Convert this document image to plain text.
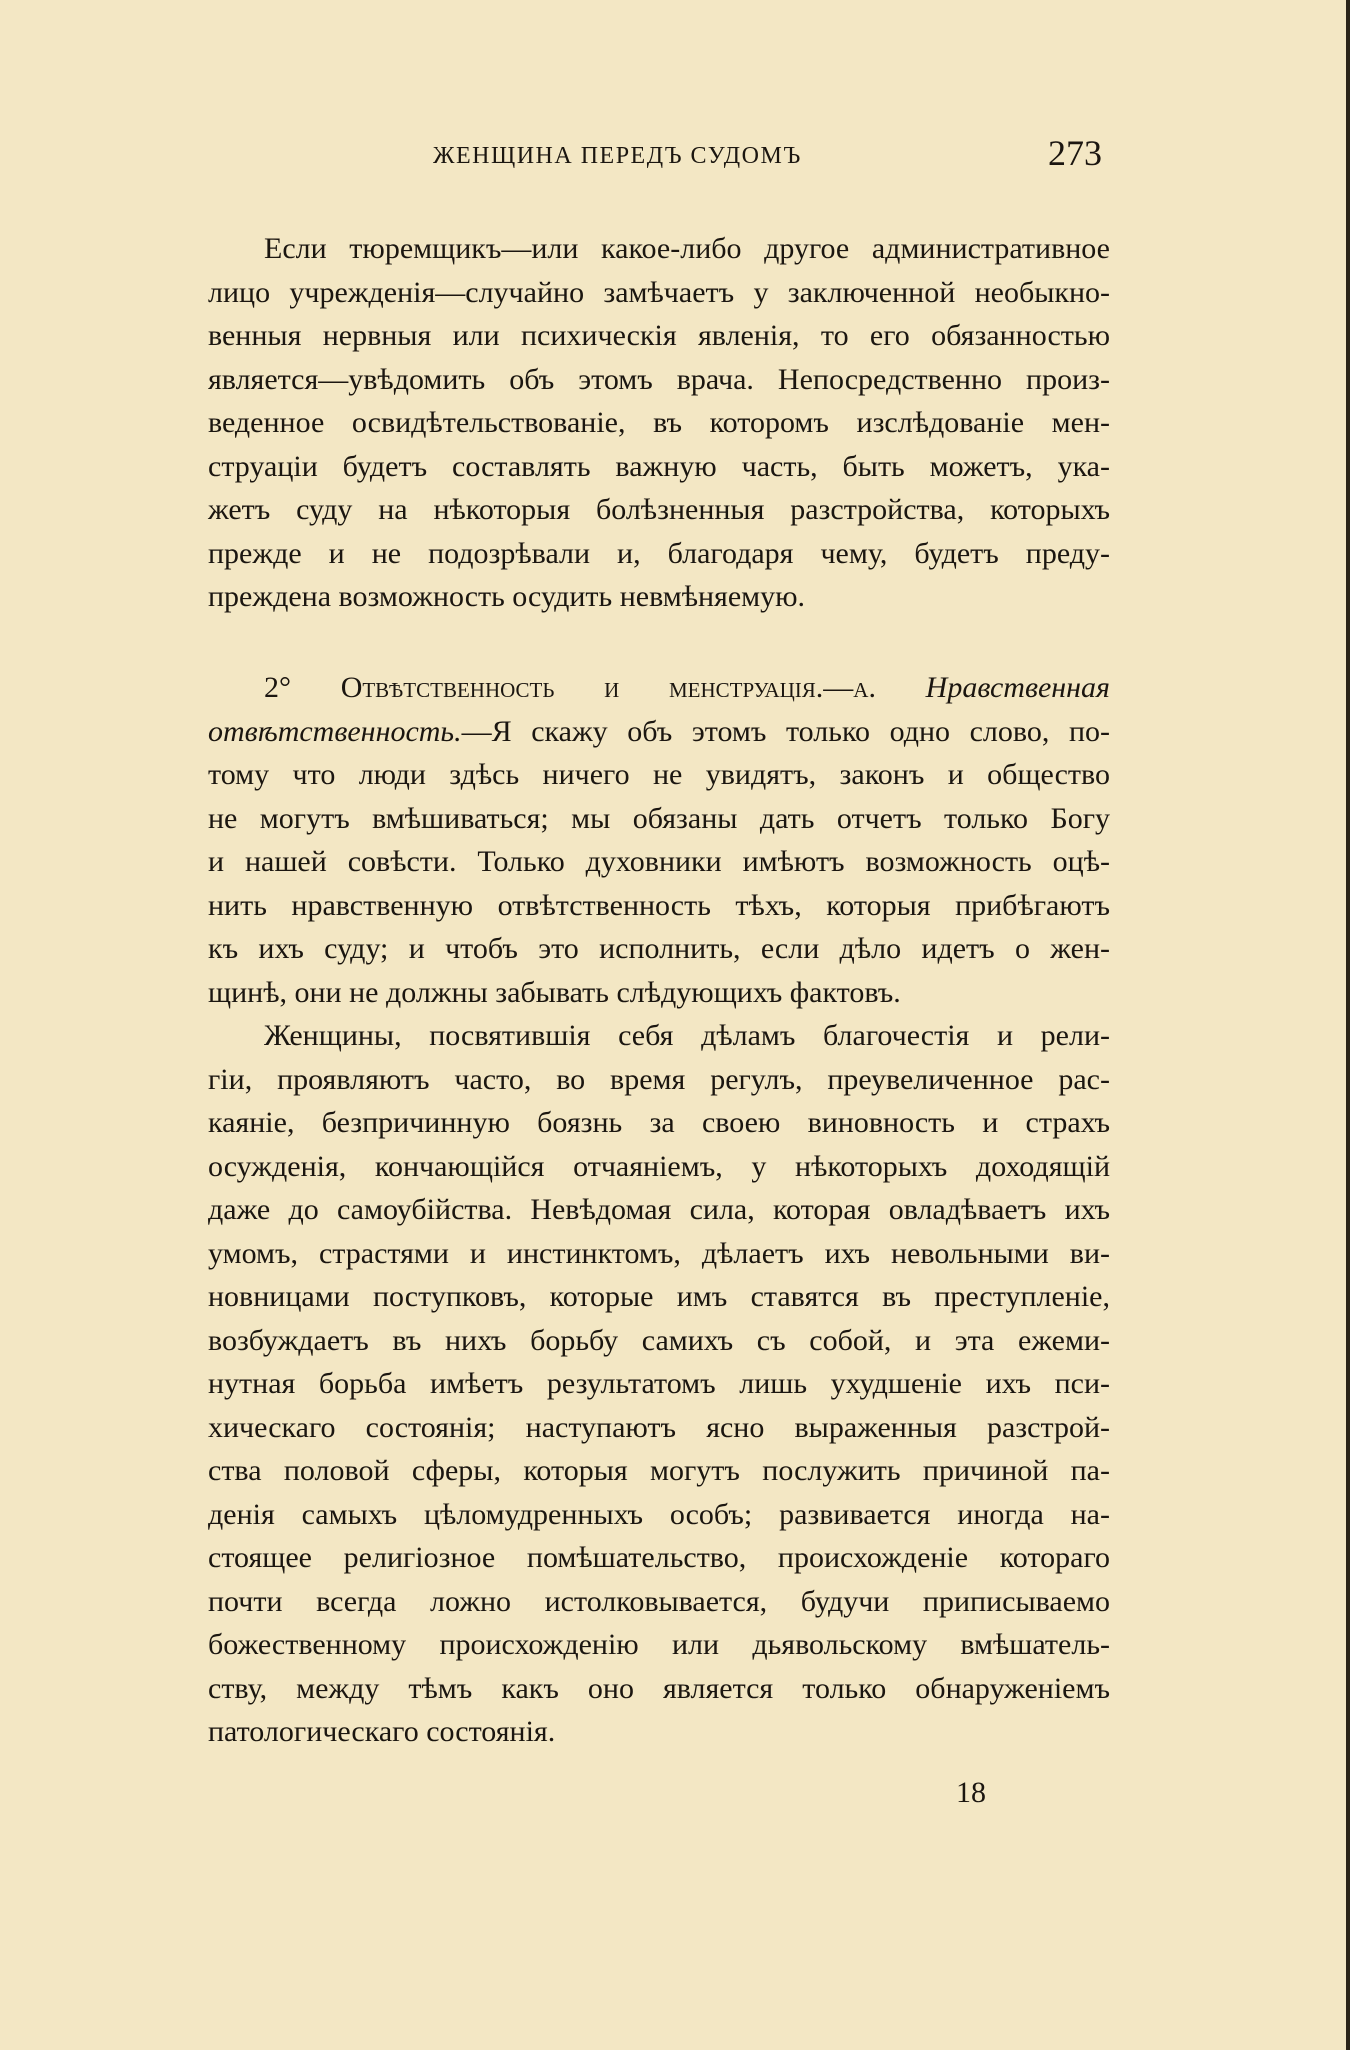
ЖЕНЩИНА ПЕРЕДЪ СУДОМЪ	273

Если тюремщикъ—или какое-либо другое административное
лицо учрежденія—случайно замѣчаетъ у заключенной необыкно-
венныя нервныя или психическія явленія, то его обязанностью
является—увѣдомить объ этомъ врача. Непосредственно произ-
веденное освидѣтельствованіе, въ которомъ изслѣдованіе мен-
струаціи будетъ составлять важную часть, быть можетъ, ука-
жетъ суду на нѣкоторыя болѣзненныя разстройства, которыхъ
прежде и не подозрѣвали и, благодаря чему, будетъ преду-
преждена возможность осудить невмѣняемую.

2° Отвѣтственность и менструація.—а. Нравственная
отвѣтственность.—Я скажу объ этомъ только одно слово, по-
тому что люди здѣсь ничего не увидятъ, законъ и общество
не могутъ вмѣшиваться; мы обязаны дать отчетъ только Богу
и нашей совѣсти. Только духовники имѣютъ возможность оцѣ-
нить нравственную отвѣтственность тѣхъ, которыя прибѣгаютъ
къ ихъ суду; и чтобъ это исполнить, если дѣло идетъ о жен-
щинѣ, они не должны забывать слѣдующихъ фактовъ.

Женщины, посвятившія себя дѣламъ благочестія и рели-
гіи, проявляютъ часто, во время регулъ, преувеличенное рас-
каяніе, безпричинную боязнь за своею виновность и страхъ
осужденія, кончающійся отчаяніемъ, у нѣкоторыхъ доходящій
даже до самоубійства. Невѣдомая сила, которая овладѣваетъ ихъ
умомъ, страстями и инстинктомъ, дѣлаетъ ихъ невольными ви-
новницами поступковъ, которые имъ ставятся въ преступленіе,
возбуждаетъ въ нихъ борьбу самихъ съ собой, и эта ежеми-
нутная борьба имѣетъ результатомъ лишь ухудшеніе ихъ пси-
хическаго состоянія; наступаютъ ясно выраженныя разстрой-
ства половой сферы, которыя могутъ послужить причиной па-
денія самыхъ цѣломудренныхъ особъ; развивается иногда на-
стоящее религіозное помѣшательство, происхожденіе котораго
почти всегда ложно истолковывается, будучи приписываемо
божественному происхожденію или дьявольскому вмѣшатель-
ству, между тѣмъ какъ оно является только обнаруженіемъ
патологическаго состоянія.

18
